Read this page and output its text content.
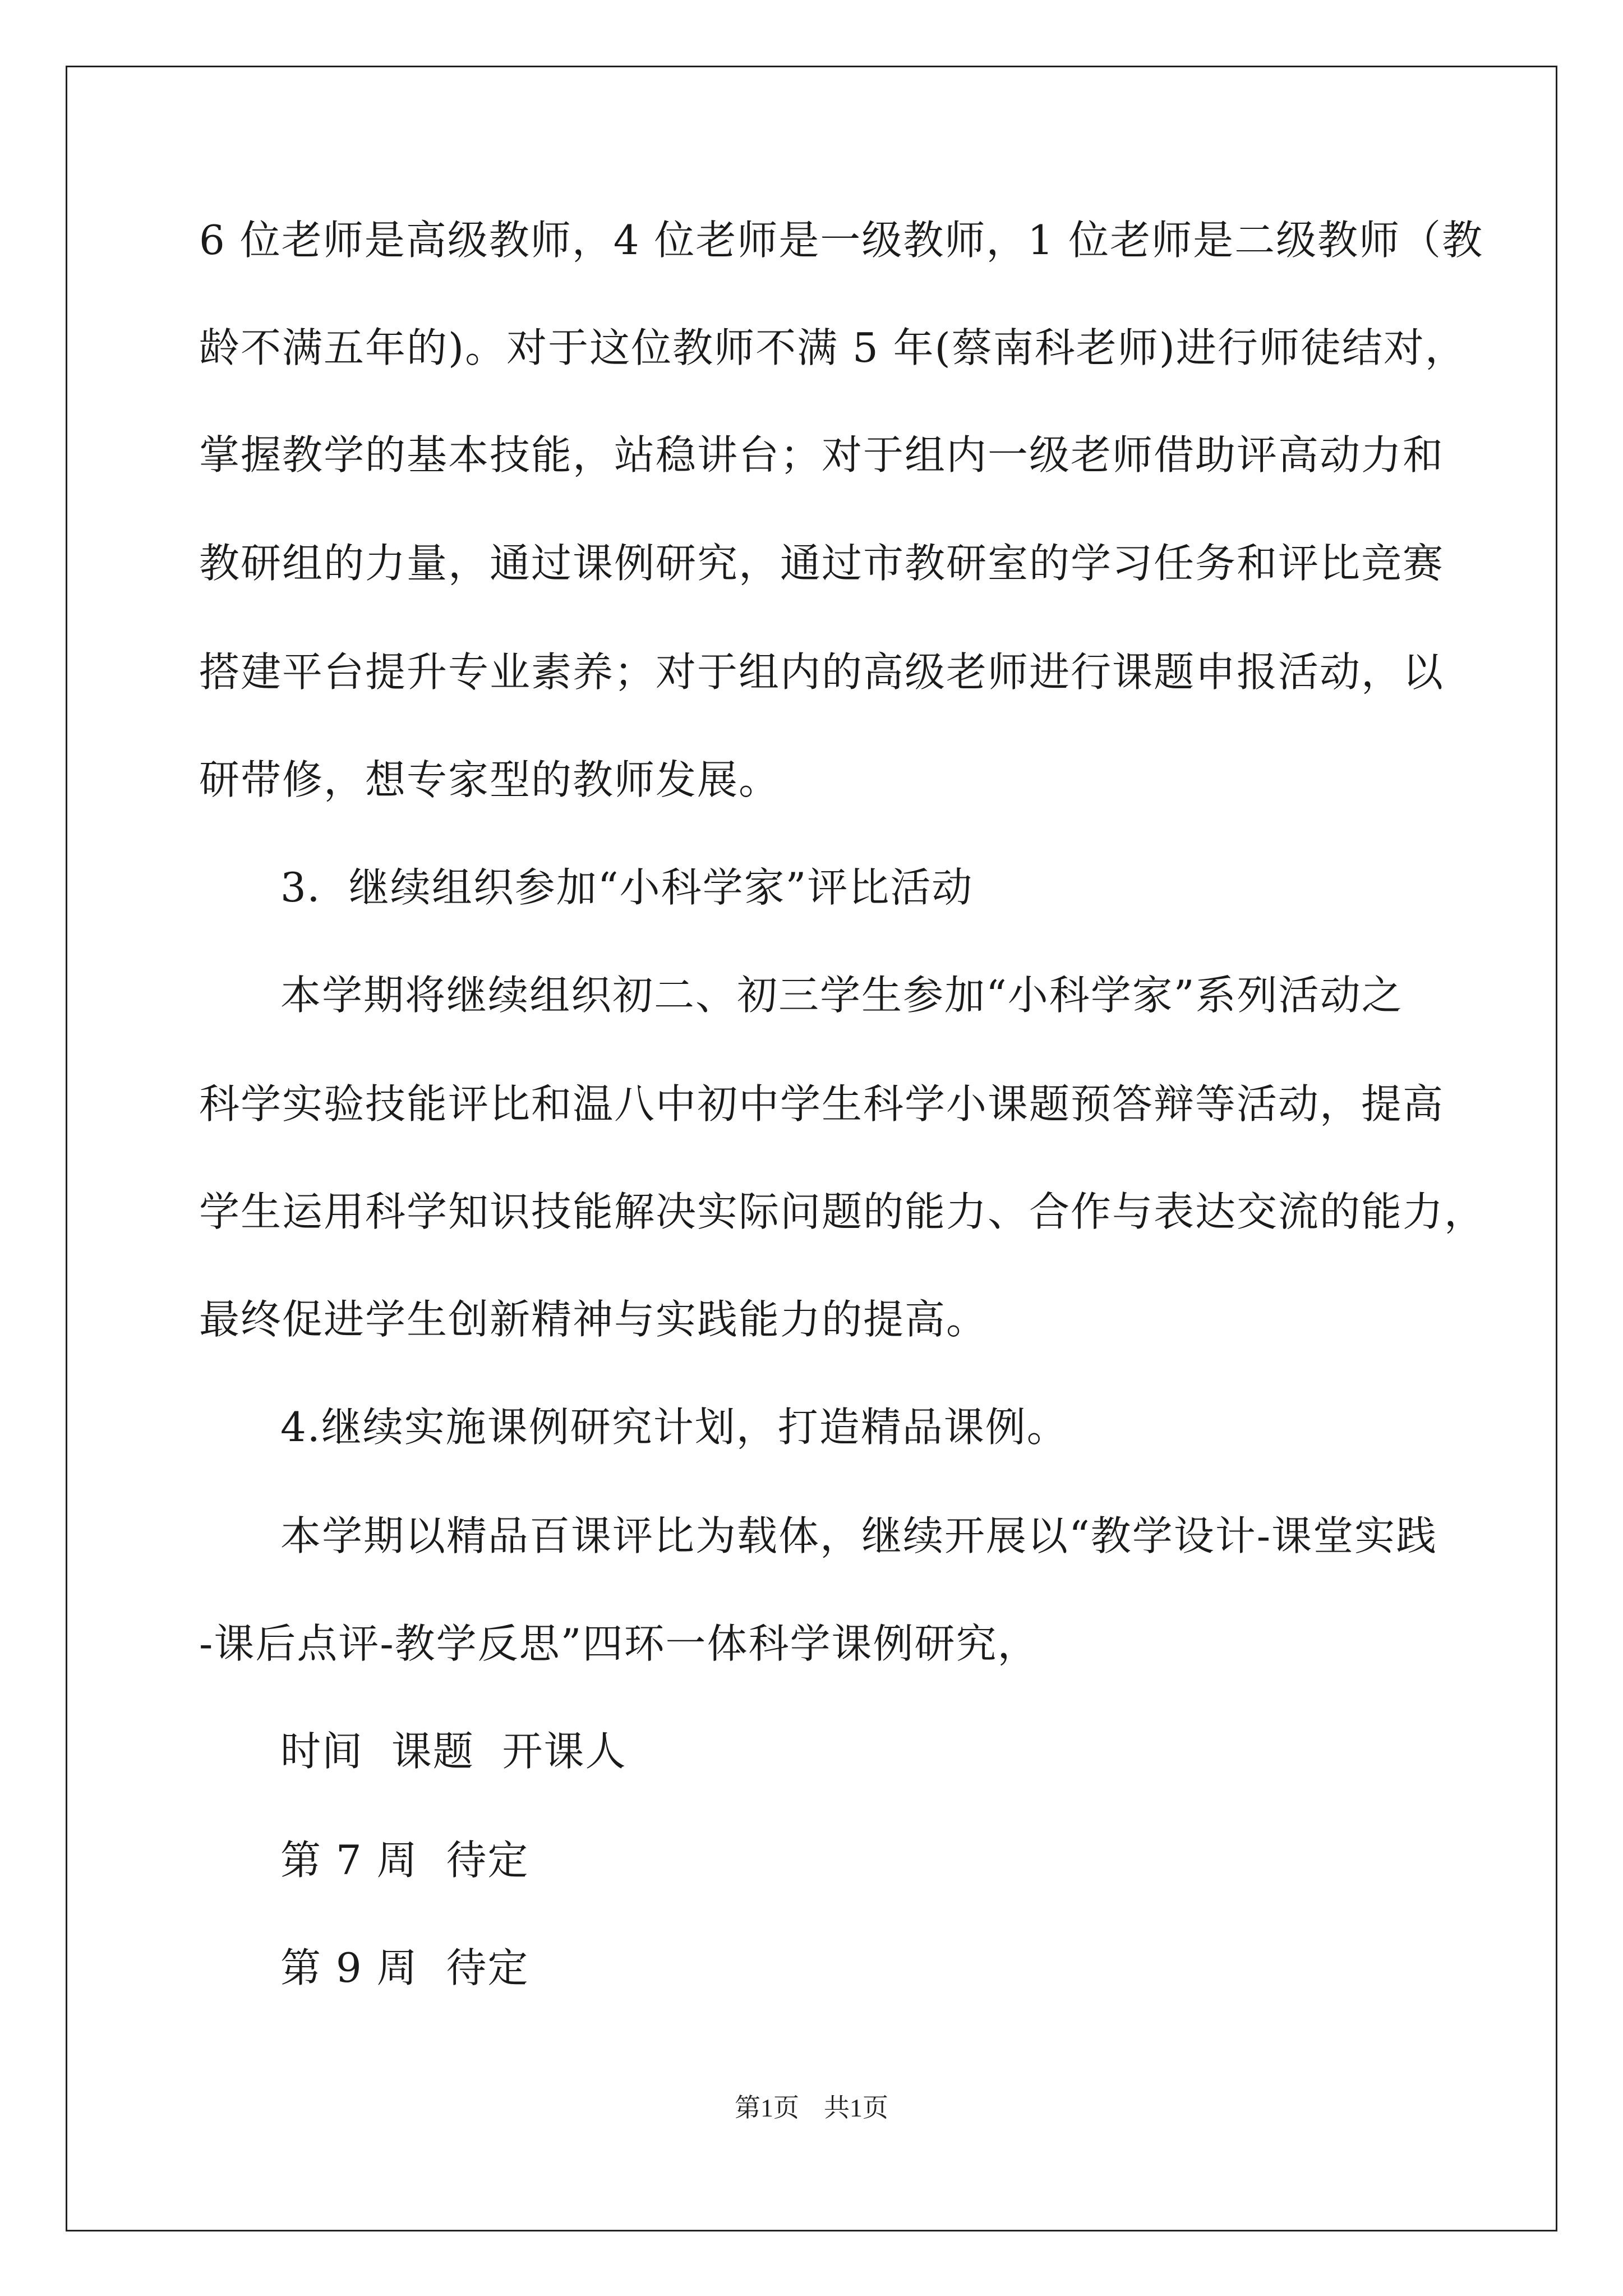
6 位老师是高级教师，4 位老师是一级教师，1 位老师是二级教师（教
龄不满五年的)。对于这位教师不满 5 年(蔡南科老师)进行师徒结对，
掌握教学的基本技能，站稳讲台；对于组内一级老师借助评高动力和
教研组的力量，通过课例研究，通过市教研室的学习任务和评比竞赛
搭建平台提升专业素养；对于组内的高级老师进行课题申报活动，以
研带修，想专家型的教师发展。
3．继续组织参加“小科学家”评比活动
本学期将继续组织初二、初三学生参加“小科学家”系列活动之
科学实验技能评比和温八中初中学生科学小课题预答辩等活动，提高
学生运用科学知识技能解决实际问题的能力、合作与表达交流的能力，
最终促进学生创新精神与实践能力的提高。
4.继续实施课例研究计划，打造精品课例。
本学期以精品百课评比为载体，继续开展以“教学设计-课堂实践
-课后点评-教学反思”四环一体科学课例研究，
时间  课题  开课人
第 7 周  待定
第 9 周  待定
第1页 共1页
